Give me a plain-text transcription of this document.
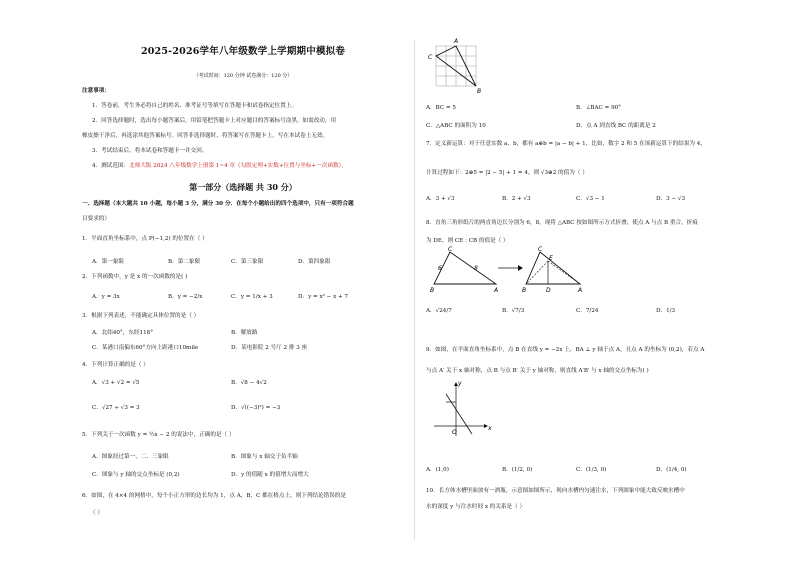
2025-2026学年八年级数学上学期期中模拟卷
（考试时间：120 分钟 试卷满分：120 分）
注意事项：
1．答卷前，考生务必将自己的姓名、准考证号等填写在答题卡和试卷指定位置上。
2．回答选择题时，选出每小题答案后，用铅笔把答题卡上对应题目的答案标号涂黑。如需改动，用
橡皮擦干净后，再选涂其他答案标号。回答非选择题时，将答案写在答题卡上。写在本试卷上无效。
3．考试结束后，将本试卷和答题卡一并交回。
4．测试范围：北师大版 2024 八年级数学上册第 1~4 章（勾股定理+实数+位置与坐标+一次函数）。
第一部分（选择题 共 30 分）
一、选择题（本大题共 10 小题，每小题 3 分，满分 30 分．在每个小题给出的四个选项中，只有一项符合题
目要求的）
1．平面直角坐标系中，点 P(−1,2) 的位置在（ ）
A．第一象限	B．第二象限	C．第三象限	D．第四象限
2．下列函数中，y 是 x 的一次函数的是( )
A．y = 3x	B．y = −2/x	C．y = 1/x + 3	D．y = x² − x + 7
3．根据下列表述，不能确定具体位置的是（ ）
A．北纬40°，东经118°	B．解放路
C．某港口南偏东60°方向上距港口10mile	D．某电影院 2 号厅 2 排 3 座
4．下列计算正确的是（ ）
A．√3 + √2 = √5	B．√8 − 4√2
C．√27 ÷ √3 = 3	D．√((−3)²) = −3
5．下列关于一次函数 y = ½x − 2 的说法中，正确的是（ ）
A．图象经过第一、二、三象限	B．图象与 x 轴交于负半轴
C．图象与 y 轴的交点坐标是 (0,2)	D．y 的值随 x 的值增大而增大
6．如图，在 4×4 的网格中，每个小正方形的边长均为 1，点 A，B，C 都在格点上，则下列结论错误的是
（ ）
A
C
B
A．BC = 5	B．∠BAC = 90°
C．△ABC 的面积为 10	D．点 A 到直线 BC 的距离是 2
7．定义新运算：对于任意实数 a，b，都有 a⊕b = |a − b| + 1，比如，数字 2 和 5 在该新运算下的结果为 4，
计算过程如下：2⊕5 = |2 − 5| + 1 = 4，则 √3⊕2 的值为（ ）
A．3 + √3	B．2 + √3	C．√3 − 1	D．3 − √3
8．直角三角形纸片的两直角边长分别为 6，8，现将 △ABC 按如图所示方式折叠，使点 A 与点 B 重合，折痕
为 DE，则 CE : CB 的值是（ ）
C
B	A
6	8
C
E
B	D	A
A．√24/7	B．√7/3	C．7/24	D．1/3
9．如图，在平面直角坐标系中，点 B 在直线 y = −2x 上，BA ⊥ y 轴于点 A，且点 A 的坐标为 (0,2)，若点 A
与点 A′ 关于 x 轴对称，点 B 与点 B′ 关于 y 轴对称，则直线 A′B′ 与 x 轴的交点坐标为( )
O
x
y
A．(1,0)	B．(1/2, 0)	C．(1/3, 0)	D．(1/4, 0)
10．长方体水槽里面放有一酒瓶，示意图如图所示，现向水槽内匀速注水，下列图象中能大致反映水槽中
水的深度 y 与注水时间 x 的关系是（ ）
